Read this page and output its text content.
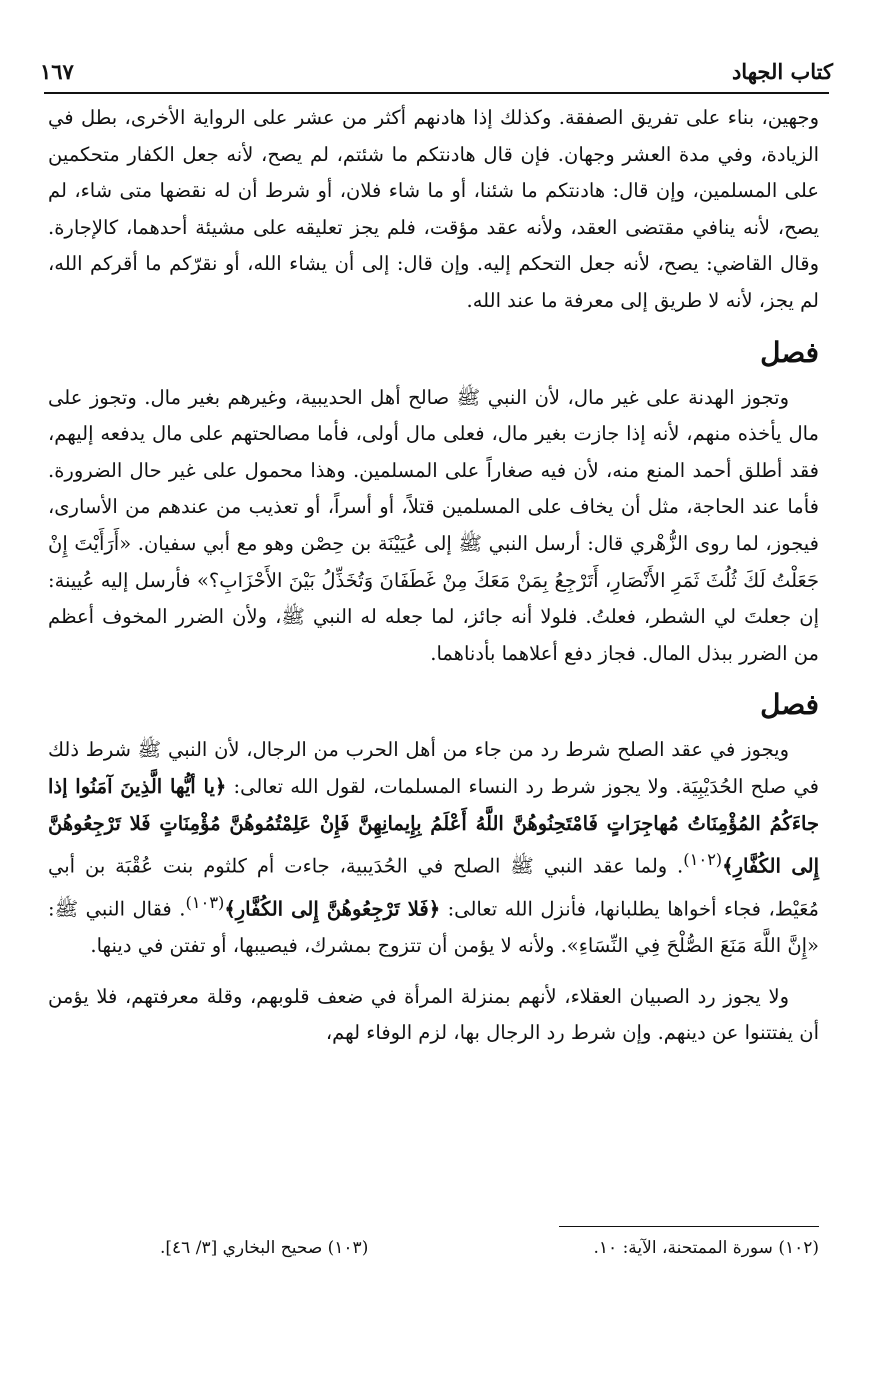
١٦٧	كتاب الجهاد

وجهين، بناء على تفريق الصفقة. وكذلك إذا هادنهم أكثر من عشر على الرواية الأخرى، بطل في الزيادة، وفي مدة العشر وجهان. فإن قال هادنتكم ما شئتم، لم يصح، لأنه جعل الكفار متحكمين على المسلمين، وإن قال: هادنتكم ما شئنا، أو ما شاء فلان، أو شرط أن له نقضها متى شاء، لم يصح، لأنه ينافي مقتضى العقد، ولأنه عقد مؤقت، فلم يجز تعليقه على مشيئة أحدهما، كالإجارة. وقال القاضي: يصح، لأنه جعل التحكم إليه. وإن قال: إلى أن يشاء الله، أو نقرّكم ما أقركم الله، لم يجز، لأنه لا طريق إلى معرفة ما عند الله.

فصل

وتجوز الهدنة على غير مال، لأن النبي ﷺ صالح أهل الحديبية، وغيرهم بغير مال. وتجوز على مال يأخذه منهم، لأنه إذا جازت بغير مال، فعلى مال أولى، فأما مصالحتهم على مال يدفعه إليهم، فقد أطلق أحمد المنع منه، لأن فيه صغاراً على المسلمين. وهذا محمول على غير حال الضرورة. فأما عند الحاجة، مثل أن يخاف على المسلمين قتلاً، أو أسراً، أو تعذيب من عندهم من الأسارى، فيجوز، لما روى الزُّهْري قال: أرسل النبي ﷺ إلى عُيَيْنَة بن حِصْن وهو مع أبي سفيان. «أَرَأَيْتَ إِنْ جَعَلْتُ لَكَ ثُلُثَ ثَمَرِ الأَنْصَارِ، أَتَرْجِعُ بِمَنْ مَعَكَ مِنْ غَطَفَانَ وَتُخَذِّلُ بَيْنَ الأَحْزَابِ؟» فأرسل إليه عُيينة: إن جعلتَ لي الشطر، فعلتُ. فلولا أنه جائز، لما جعله له النبي ﷺ، ولأن الضرر المخوف أعظم من الضرر ببذل المال. فجاز دفع أعلاهما بأدناهما.

فصل

ويجوز في عقد الصلح شرط رد من جاء من أهل الحرب من الرجال، لأن النبي ﷺ شرط ذلك في صلح الحُدَيْبِيَة. ولا يجوز شرط رد النساء المسلمات، لقول الله تعالى: ﴿يا أيُّها الَّذِينَ آمَنُوا إذا جاءَكُمُ المُؤْمِنَاتُ مُهاجِرَاتٍ فَامْتَحِنُوهُنَّ اللَّهُ أَعْلَمُ بِإِيمانِهِنَّ فَإِنْ عَلِمْتُمُوهُنَّ مُؤْمِنَاتٍ فَلا تَرْجِعُوهُنَّ إِلى الكُفَّارِ﴾$^{(١٠٢)}$. ولما عقد النبي ﷺ الصلح في الحُدَيبية، جاءت أم كلثوم بنت عُقْبَة بن أبي مُعَيْط، فجاء أخواها يطلبانها، فأنزل الله تعالى: ﴿فَلا تَرْجِعُوهُنَّ إِلى الكُفَّارِ﴾$^{(١٠٣)}$. فقال النبي ﷺ: «إِنَّ اللَّهَ مَنَعَ الصُّلْحَ فِي النِّسَاءِ». ولأنه لا يؤمن أن تتزوج بمشرك، فيصيبها، أو تفتن في دينها.

ولا يجوز رد الصبيان العقلاء، لأنهم بمنزلة المرأة في ضعف قلوبهم، وقلة معرفتهم، فلا يؤمن أن يفتتنوا عن دينهم. وإن شرط رد الرجال بها، لزم الوفاء لهم،

(١٠٢) سورة الممتحنة، الآية: ١٠.
(١٠٣) صحيح البخاري [٣/ ٤٦].
